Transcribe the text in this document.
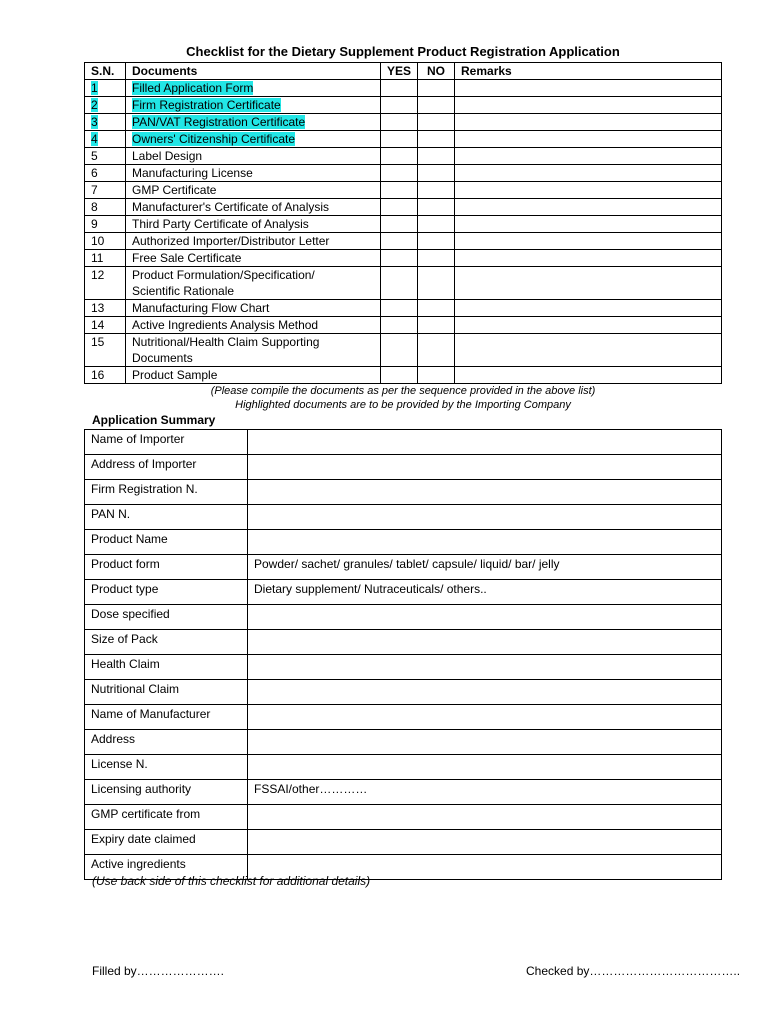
Checklist for the Dietary Supplement Product Registration Application
S.N.	Documents	YES	NO	Remarks
1	Filled Application Form			
2	Firm Registration Certificate			
3	PAN/VAT Registration Certificate			
4	Owners' Citizenship Certificate			
5	Label Design			
6	Manufacturing License			
7	GMP Certificate			
8	Manufacturer's Certificate of Analysis			
9	Third Party Certificate of Analysis			
10	Authorized Importer/Distributor Letter			
11	Free Sale Certificate			
12	Product Formulation/Specification/
Scientific Rationale			
13	Manufacturing Flow Chart			
14	Active Ingredients Analysis Method			
15	Nutritional/Health Claim Supporting
Documents			
16	Product Sample			
(Please compile the documents as per the sequence provided in the above list)
Highlighted documents are to be provided by the Importing Company
Application Summary
Name of Importer	
Address of Importer	
Firm Registration N.	
PAN N.	
Product Name	
Product form	Powder/ sachet/ granules/ tablet/ capsule/ liquid/ bar/ jelly
Product type	Dietary supplement/ Nutraceuticals/ others..
Dose specified	
Size of Pack	
Health Claim	
Nutritional Claim	
Name of Manufacturer	
Address	
License N.	
Licensing authority	FSSAI/other…………
GMP certificate from	
Expiry date claimed	
Active ingredients	
(Use back side of this checklist for additional details)
Filled by………………….	Checked by………………………………..
